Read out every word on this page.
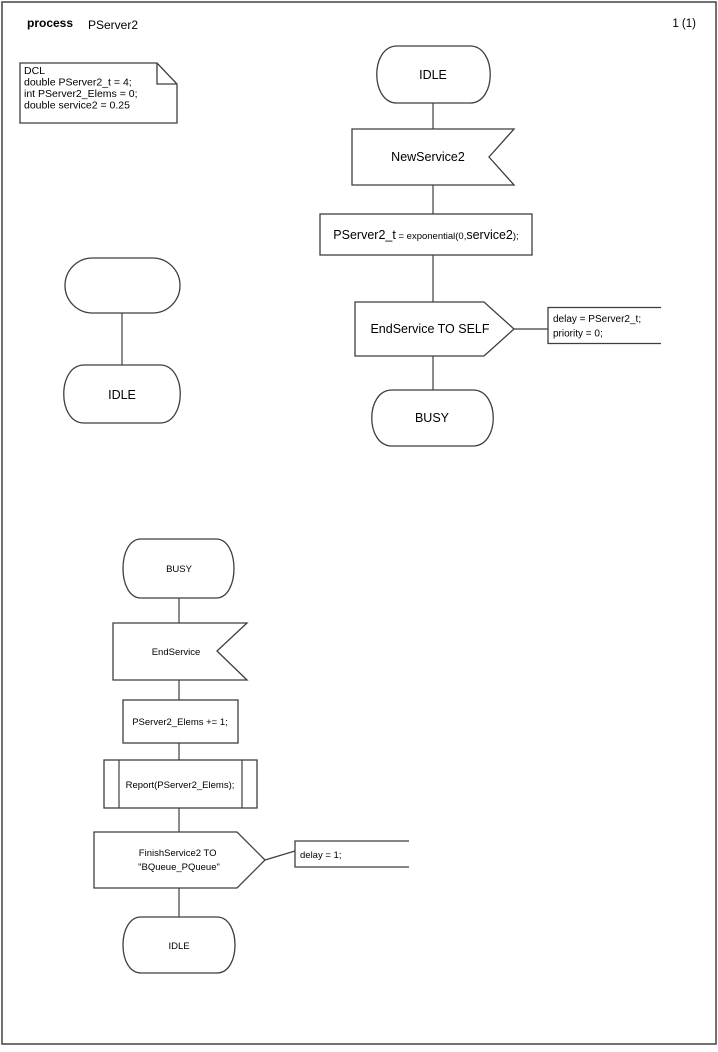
process PServer2	1 (1)
DCL double PServer2_t = 4; int PServer2_Elems = 0; double service2 = 0.25
IDLE
NewService2
PServer2_t = exponential(0,service2);
EndService TO SELF
delay = PServer2_t; priority = 0;
BUSY
IDLE
BUSY
EndService
PServer2_Elems += 1;
Report(PServer2_Elems);
FinishService2 TO "BQueue_PQueue"
delay = 1;
IDLE
